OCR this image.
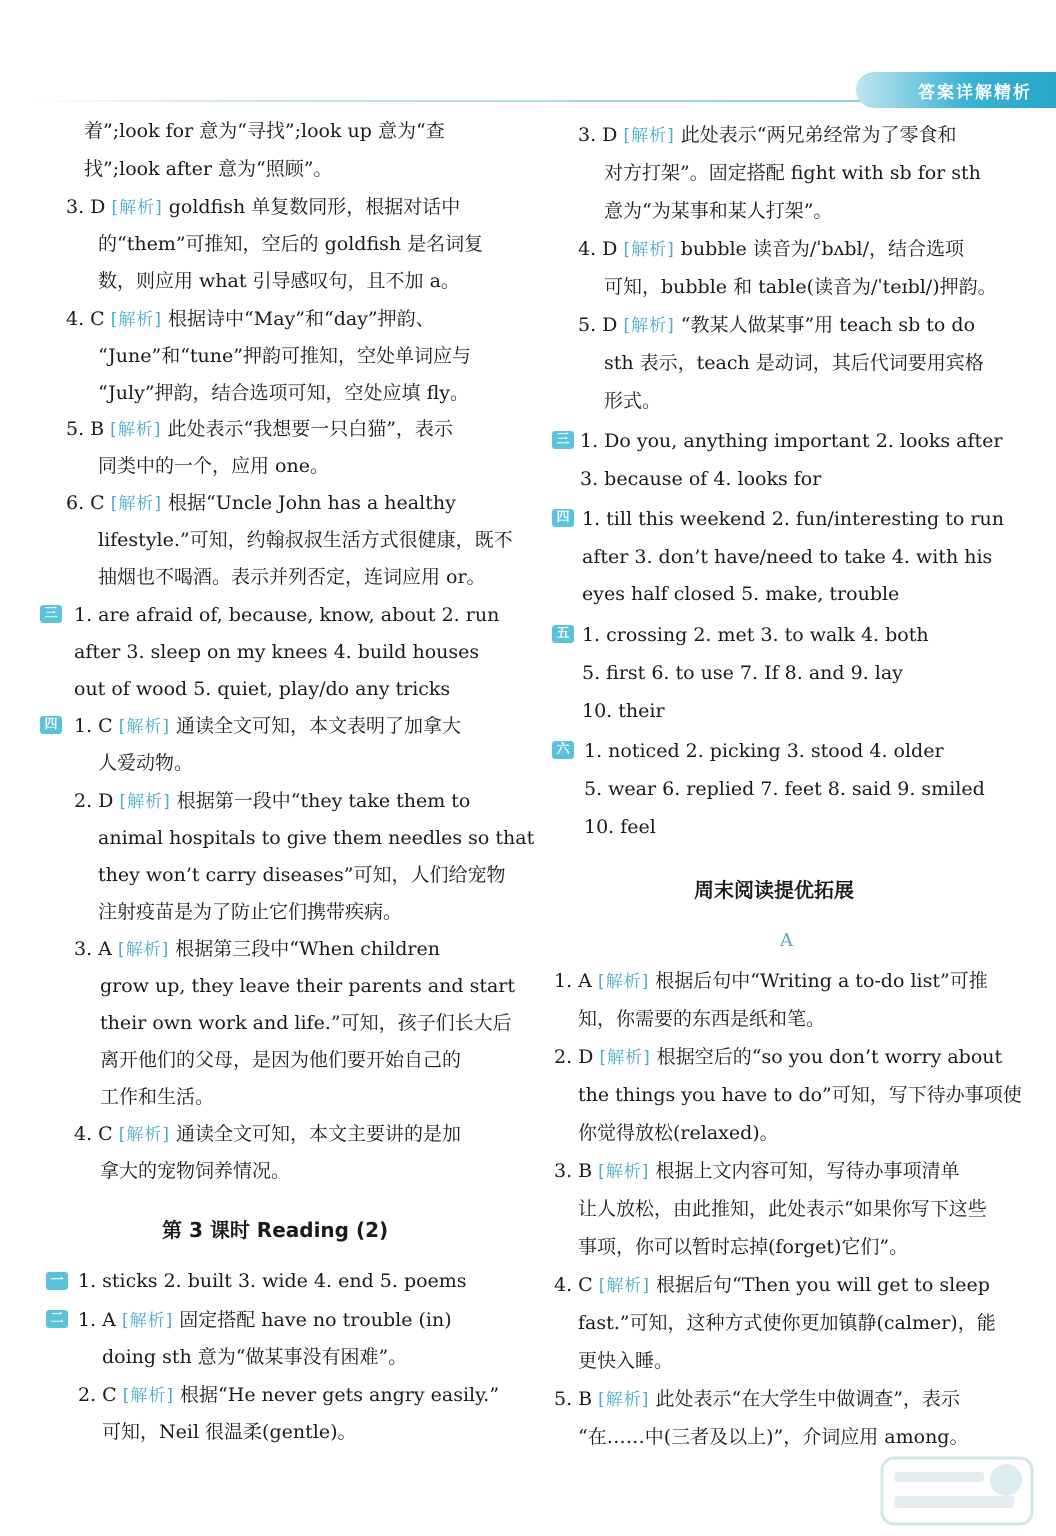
答案详解精析
着”;look for 意为“寻找”;look up 意为“查
找”;look after 意为“照顾”。
3. D [解析] goldfish 单复数同形，根据对话中
的“them”可推知，空后的 goldfish 是名词复
数，则应用 what 引导感叹句，且不加 a。
4. C [解析] 根据诗中“May”和“day”押韵、
“June”和“tune”押韵可推知，空处单词应与
“July”押韵，结合选项可知，空处应填 fly。
5. B [解析] 此处表示“我想要一只白猫”，表示
同类中的一个，应用 one。
6. C [解析] 根据“Uncle John has a healthy
lifestyle.”可知，约翰叔叔生活方式很健康，既不
抽烟也不喝酒。表示并列否定，连词应用 or。
三 1. are afraid of, because, know, about 2. run
after 3. sleep on my knees 4. build houses
out of wood 5. quiet, play/do any tricks
四 1. C [解析] 通读全文可知，本文表明了加拿大
人爱动物。
2. D [解析] 根据第一段中“they take them to
animal hospitals to give them needles so that
they won’t carry diseases”可知，人们给宠物
注射疫苗是为了防止它们携带疾病。
3. A [解析] 根据第三段中“When children
grow up, they leave their parents and start
their own work and life.”可知，孩子们长大后
离开他们的父母，是因为他们要开始自己的
工作和生活。
4. C [解析] 通读全文可知，本文主要讲的是加
拿大的宠物饲养情况。
第 3 课时 Reading (2)
一 1. sticks 2. built 3. wide 4. end 5. poems
二 1. A [解析] 固定搭配 have no trouble (in)
doing sth 意为“做某事没有困难”。
2. C [解析] 根据“He never gets angry easily.”
可知，Neil 很温柔(gentle)。
3. D [解析] 此处表示“两兄弟经常为了零食和
对方打架”。固定搭配 fight with sb for sth
意为“为某事和某人打架”。
4. D [解析] bubble 读音为/ˈbʌbl/，结合选项
可知，bubble 和 table(读音为/ˈteɪbl/)押韵。
5. D [解析] “教某人做某事”用 teach sb to do
sth 表示，teach 是动词，其后代词要用宾格
形式。
三 1. Do you, anything important 2. looks after
3. because of 4. looks for
四 1. till this weekend 2. fun/interesting to run
after 3. don’t have/need to take 4. with his
eyes half closed 5. make, trouble
五 1. crossing 2. met 3. to walk 4. both
5. first 6. to use 7. If 8. and 9. lay
10. their
六 1. noticed 2. picking 3. stood 4. older
5. wear 6. replied 7. feet 8. said 9. smiled
10. feel
周末阅读提优拓展
A
1. A [解析] 根据后句中“Writing a to-do list”可推
知，你需要的东西是纸和笔。
2. D [解析] 根据空后的“so you don’t worry about
the things you have to do”可知，写下待办事项使
你觉得放松(relaxed)。
3. B [解析] 根据上文内容可知，写待办事项清单
让人放松，由此推知，此处表示“如果你写下这些
事项，你可以暂时忘掉(forget)它们”。
4. C [解析] 根据后句“Then you will get to sleep
fast.”可知，这种方式使你更加镇静(calmer)，能
更快入睡。
5. B [解析] 此处表示“在大学生中做调查”，表示
“在……中(三者及以上)”，介词应用 among。
